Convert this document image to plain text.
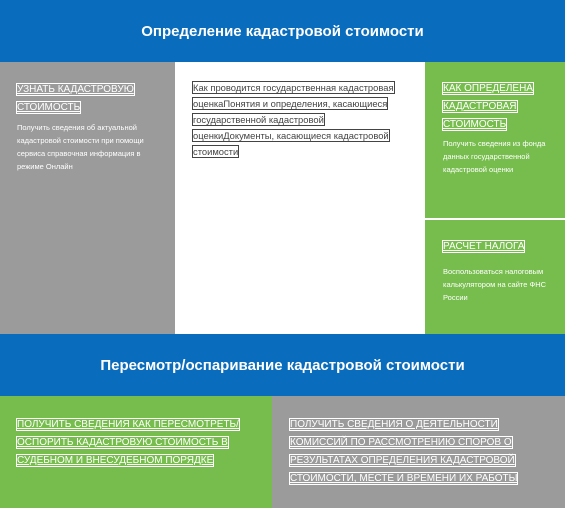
Определение кадастровой стоимости
УЗНАТЬ КАДАСТРОВУЮ СТОИМОСТЬ

Получить сведения об актуальной кадастровой стоимости при помощи сервиса справочная информация в режиме Онлайн

Как проводится государственная кадастровая оценкаПонятия и определения, касающиеся государственной кадастровой оценкиДокументы, касающиеся кадастровой стоимости
КАК ОПРЕДЕЛЕНА КАДАСТРОВАЯ СТОИМОСТЬ

Получить сведения из фонда данных государственной кадастровой оценки

РАСЧЕТ НАЛОГА

Воспользоваться налоговым калькулятором на сайте ФНС России

Пересмотр/оспаривание кадастровой стоимости
ПОЛУЧИТЬ СВЕДЕНИЯ КАК ПЕРЕСМОТРЕТЬ/ОСПОРИТЬ КАДАСТРОВУЮ СТОИМОСТЬ В СУДЕБНОМ И ВНЕСУДЕБНОМ ПОРЯДКЕ
ПОЛУЧИТЬ СВЕДЕНИЯ О ДЕЯТЕЛЬНОСТИ КОМИССИЙ ПО РАССМОТРЕНИЮ СПОРОВ О РЕЗУЛЬТАТАХ ОПРЕДЕЛЕНИЯ КАДАСТРОВОЙ СТОИМОСТИ, МЕСТЕ И ВРЕМЕНИ ИХ РАБОТЫ
